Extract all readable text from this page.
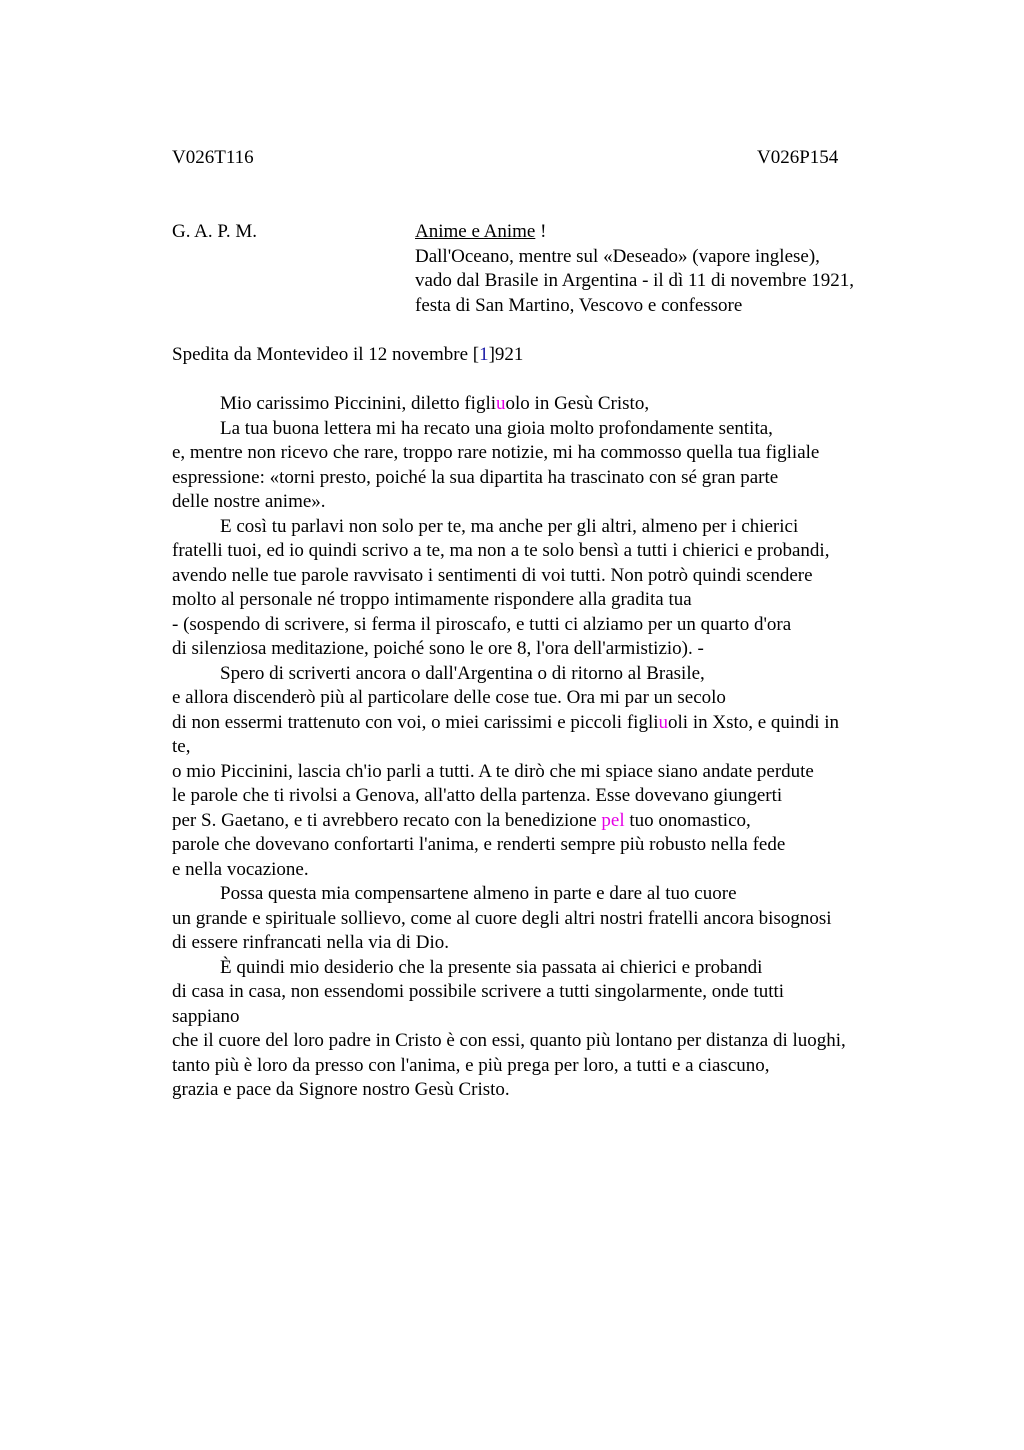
V026T116	V026P154
G. A. P. M.	Anime e Anime !
Dall'Oceano, mentre sul «Deseado» (vapore inglese),
vado dal Brasile in Argentina - il dì 11 di novembre 1921,
festa di San Martino, Vescovo e confessore
Spedita da Montevideo il 12 novembre [1]921
Mio carissimo Piccinini, diletto figliuolo in Gesù Cristo,
La tua buona lettera mi ha recato una gioia molto profondamente sentita,
e, mentre non ricevo che rare, troppo rare notizie, mi ha commosso quella tua figliale
espressione: «torni presto, poiché la sua dipartita ha trascinato con sé gran parte
delle nostre anime».
E così tu parlavi non solo per te, ma anche per gli altri, almeno per i chierici
fratelli tuoi, ed io quindi scrivo a te, ma non a te solo bensì a tutti i chierici e probandi,
avendo nelle tue parole ravvisato i sentimenti di voi tutti. Non potrò quindi scendere
molto al personale né troppo intimamente rispondere alla gradita tua
- (sospendo di scrivere, si ferma il piroscafo, e tutti ci alziamo per un quarto d'ora
di silenziosa meditazione, poiché sono le ore 8, l'ora dell'armistizio). -
Spero di scriverti ancora o dall'Argentina o di ritorno al Brasile,
e allora discenderò più al particolare delle cose tue. Ora mi par un secolo
di non essermi trattenuto con voi, o miei carissimi e piccoli figliuoli in Xsto, e quindi in
te,
o mio Piccinini, lascia ch'io parli a tutti. A te dirò che mi spiace siano andate perdute
le parole che ti rivolsi a Genova, all'atto della partenza. Esse dovevano giungerti
per S. Gaetano, e ti avrebbero recato con la benedizione pel tuo onomastico,
parole che dovevano confortarti l'anima, e renderti sempre più robusto nella fede
e nella vocazione.
Possa questa mia compensartene almeno in parte e dare al tuo cuore
un grande e spirituale sollievo, come al cuore degli altri nostri fratelli ancora bisognosi
di essere rinfrancati nella via di Dio.
È quindi mio desiderio che la presente sia passata ai chierici e probandi
di casa in casa, non essendomi possibile scrivere a tutti singolarmente, onde tutti
sappiano
che il cuore del loro padre in Cristo è con essi, quanto più lontano per distanza di luoghi,
tanto più è loro da presso con l'anima, e più prega per loro, a tutti e a ciascuno,
grazia e pace da Signore nostro Gesù Cristo.
